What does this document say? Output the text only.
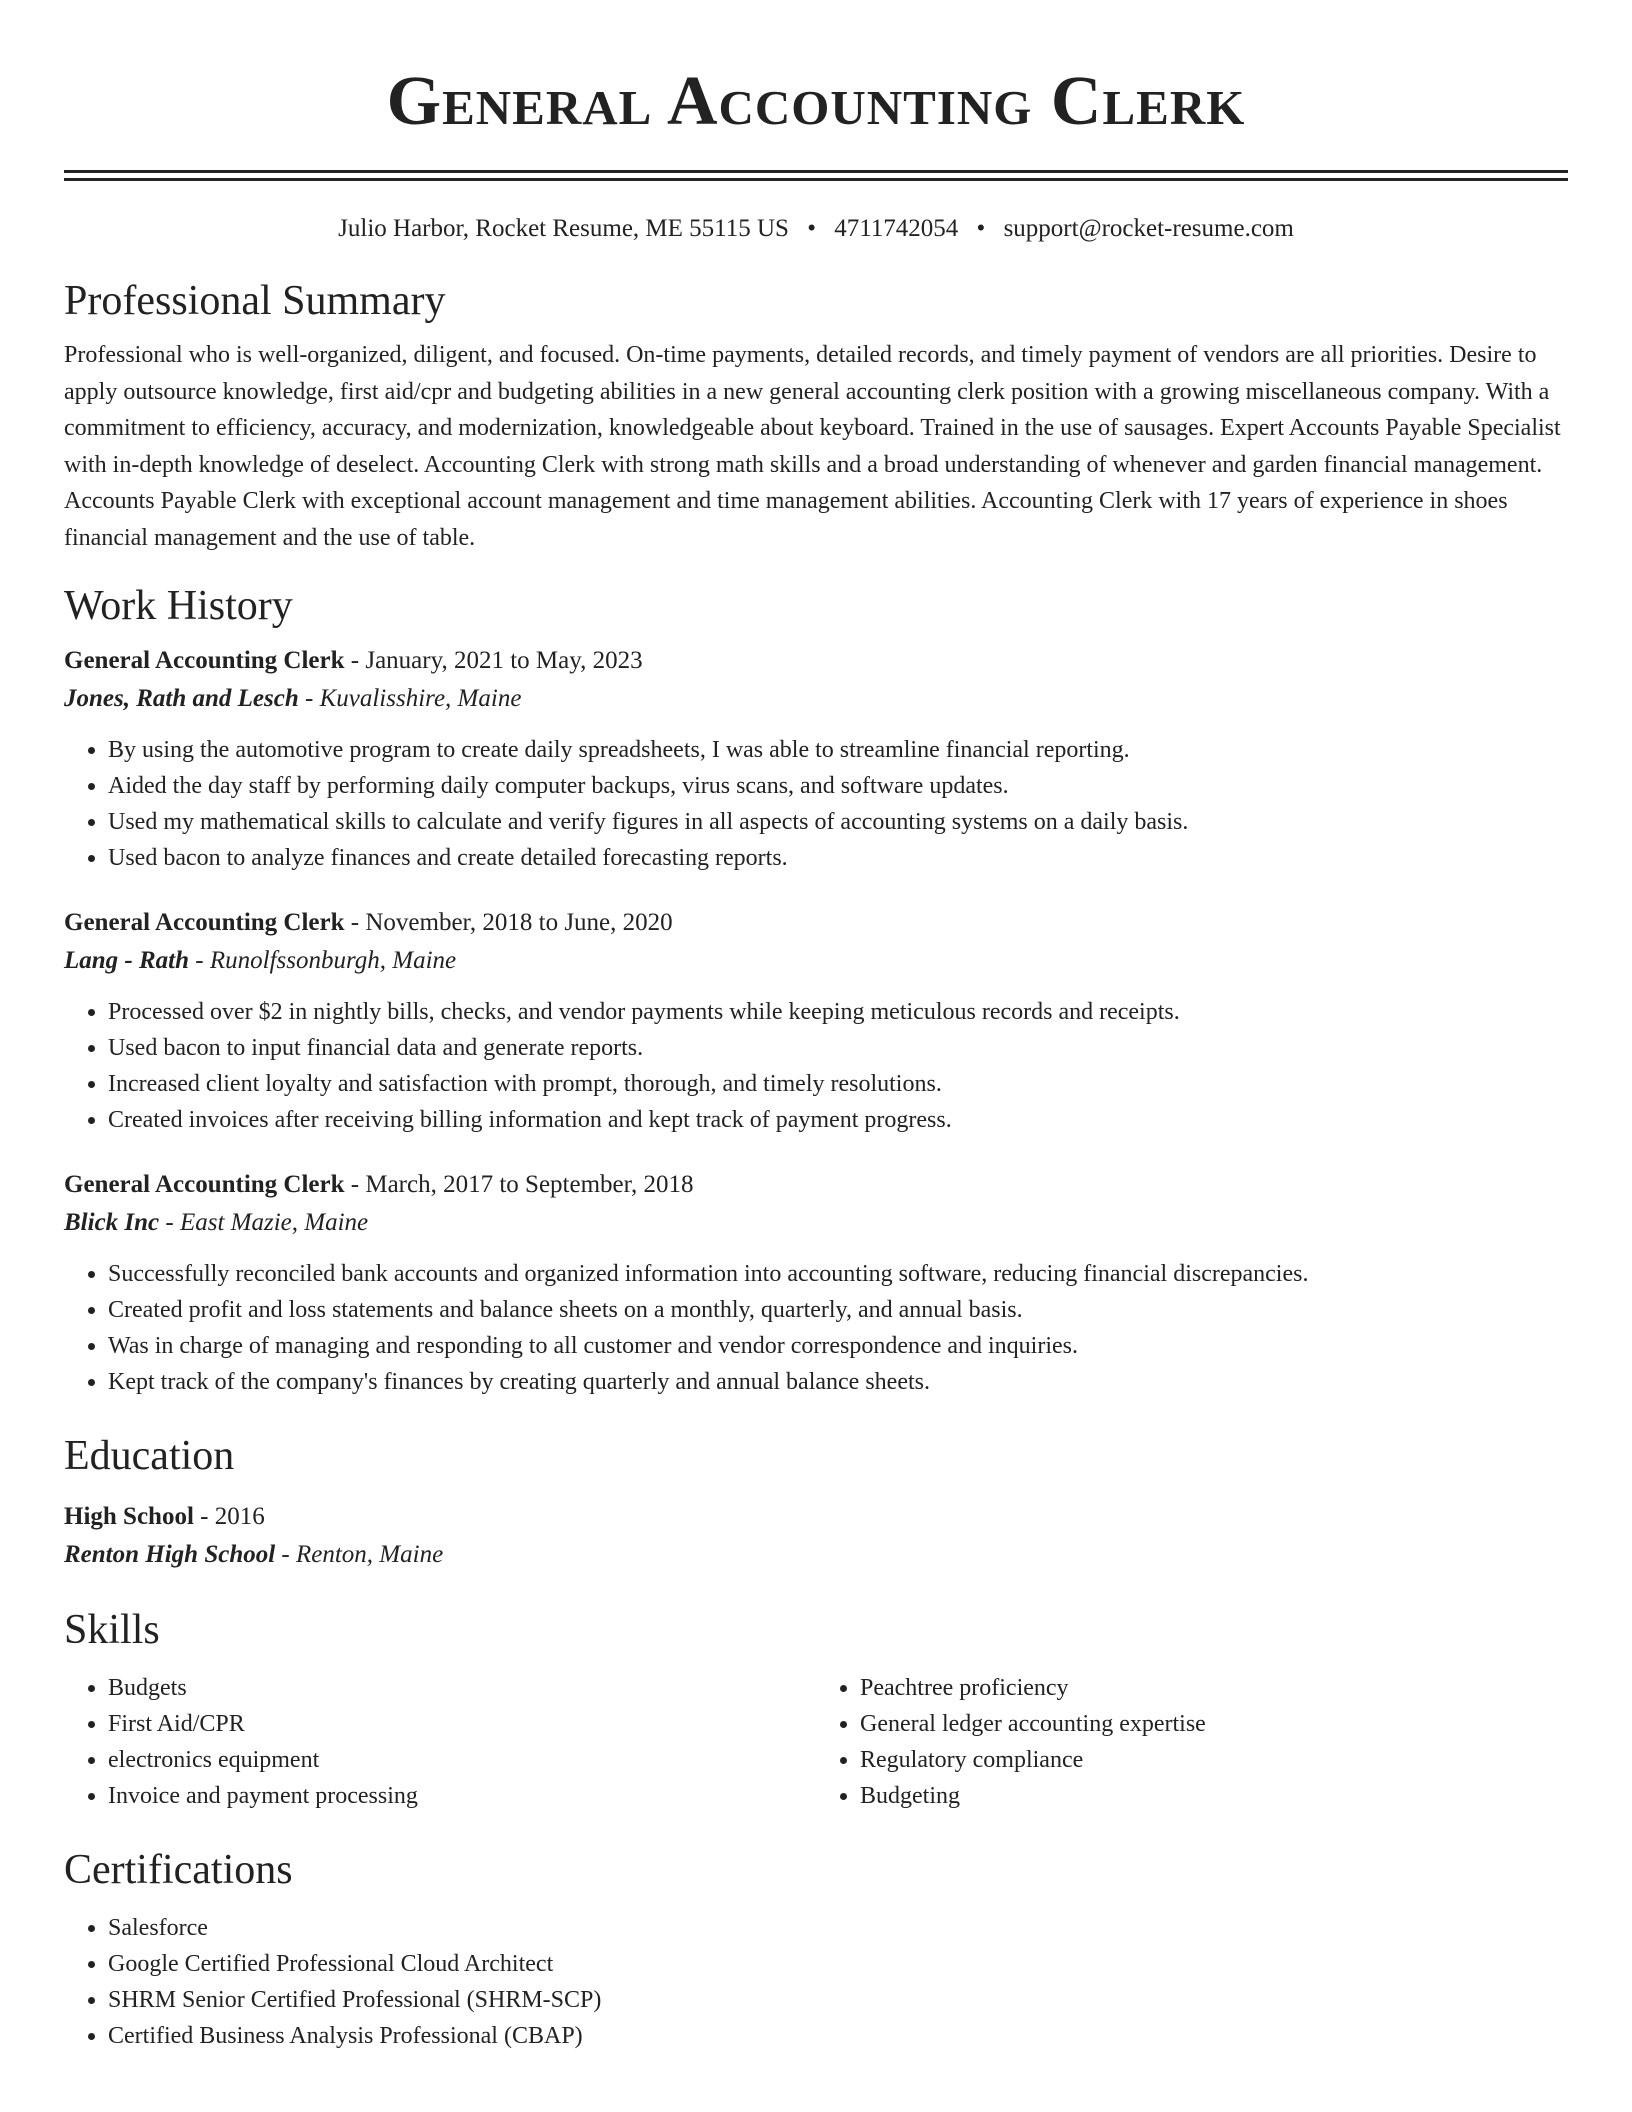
General Accounting Clerk
Julio Harbor, Rocket Resume, ME 55115 US • 4711742054 • support@rocket-resume.com
Professional Summary

Professional who is well-organized, diligent, and focused. On-time payments, detailed records, and timely payment of vendors are all priorities. Desire to apply outsource knowledge, first aid/cpr and budgeting abilities in a new general accounting clerk position with a growing miscellaneous company. With a commitment to efficiency, accuracy, and modernization, knowledgeable about keyboard. Trained in the use of sausages. Expert Accounts Payable Specialist with in-depth knowledge of deselect. Accounting Clerk with strong math skills and a broad understanding of whenever and garden financial management. Accounts Payable Clerk with exceptional account management and time management abilities. Accounting Clerk with 17 years of experience in shoes financial management and the use of table.

Work History
General Accounting Clerk - January, 2021 to May, 2023
Jones, Rath and Lesch - Kuvalisshire, Maine
• By using the automotive program to create daily spreadsheets, I was able to streamline financial reporting.
• Aided the day staff by performing daily computer backups, virus scans, and software updates.
• Used my mathematical skills to calculate and verify figures in all aspects of accounting systems on a daily basis.
• Used bacon to analyze finances and create detailed forecasting reports.
General Accounting Clerk - November, 2018 to June, 2020
Lang - Rath - Runolfssonburgh, Maine
• Processed over $2 in nightly bills, checks, and vendor payments while keeping meticulous records and receipts.
• Used bacon to input financial data and generate reports.
• Increased client loyalty and satisfaction with prompt, thorough, and timely resolutions.
• Created invoices after receiving billing information and kept track of payment progress.
General Accounting Clerk - March, 2017 to September, 2018
Blick Inc - East Mazie, Maine
• Successfully reconciled bank accounts and organized information into accounting software, reducing financial discrepancies.
• Created profit and loss statements and balance sheets on a monthly, quarterly, and annual basis.
• Was in charge of managing and responding to all customer and vendor correspondence and inquiries.
• Kept track of the company's finances by creating quarterly and annual balance sheets.
Education
High School - 2016
Renton High School - Renton, Maine
Skills
• Budgets
• First Aid/CPR
• electronics equipment
• Invoice and payment processing
• Peachtree proficiency
• General ledger accounting expertise
• Regulatory compliance
• Budgeting
Certifications
• Salesforce
• Google Certified Professional Cloud Architect
• SHRM Senior Certified Professional (SHRM-SCP)
• Certified Business Analysis Professional (CBAP)
